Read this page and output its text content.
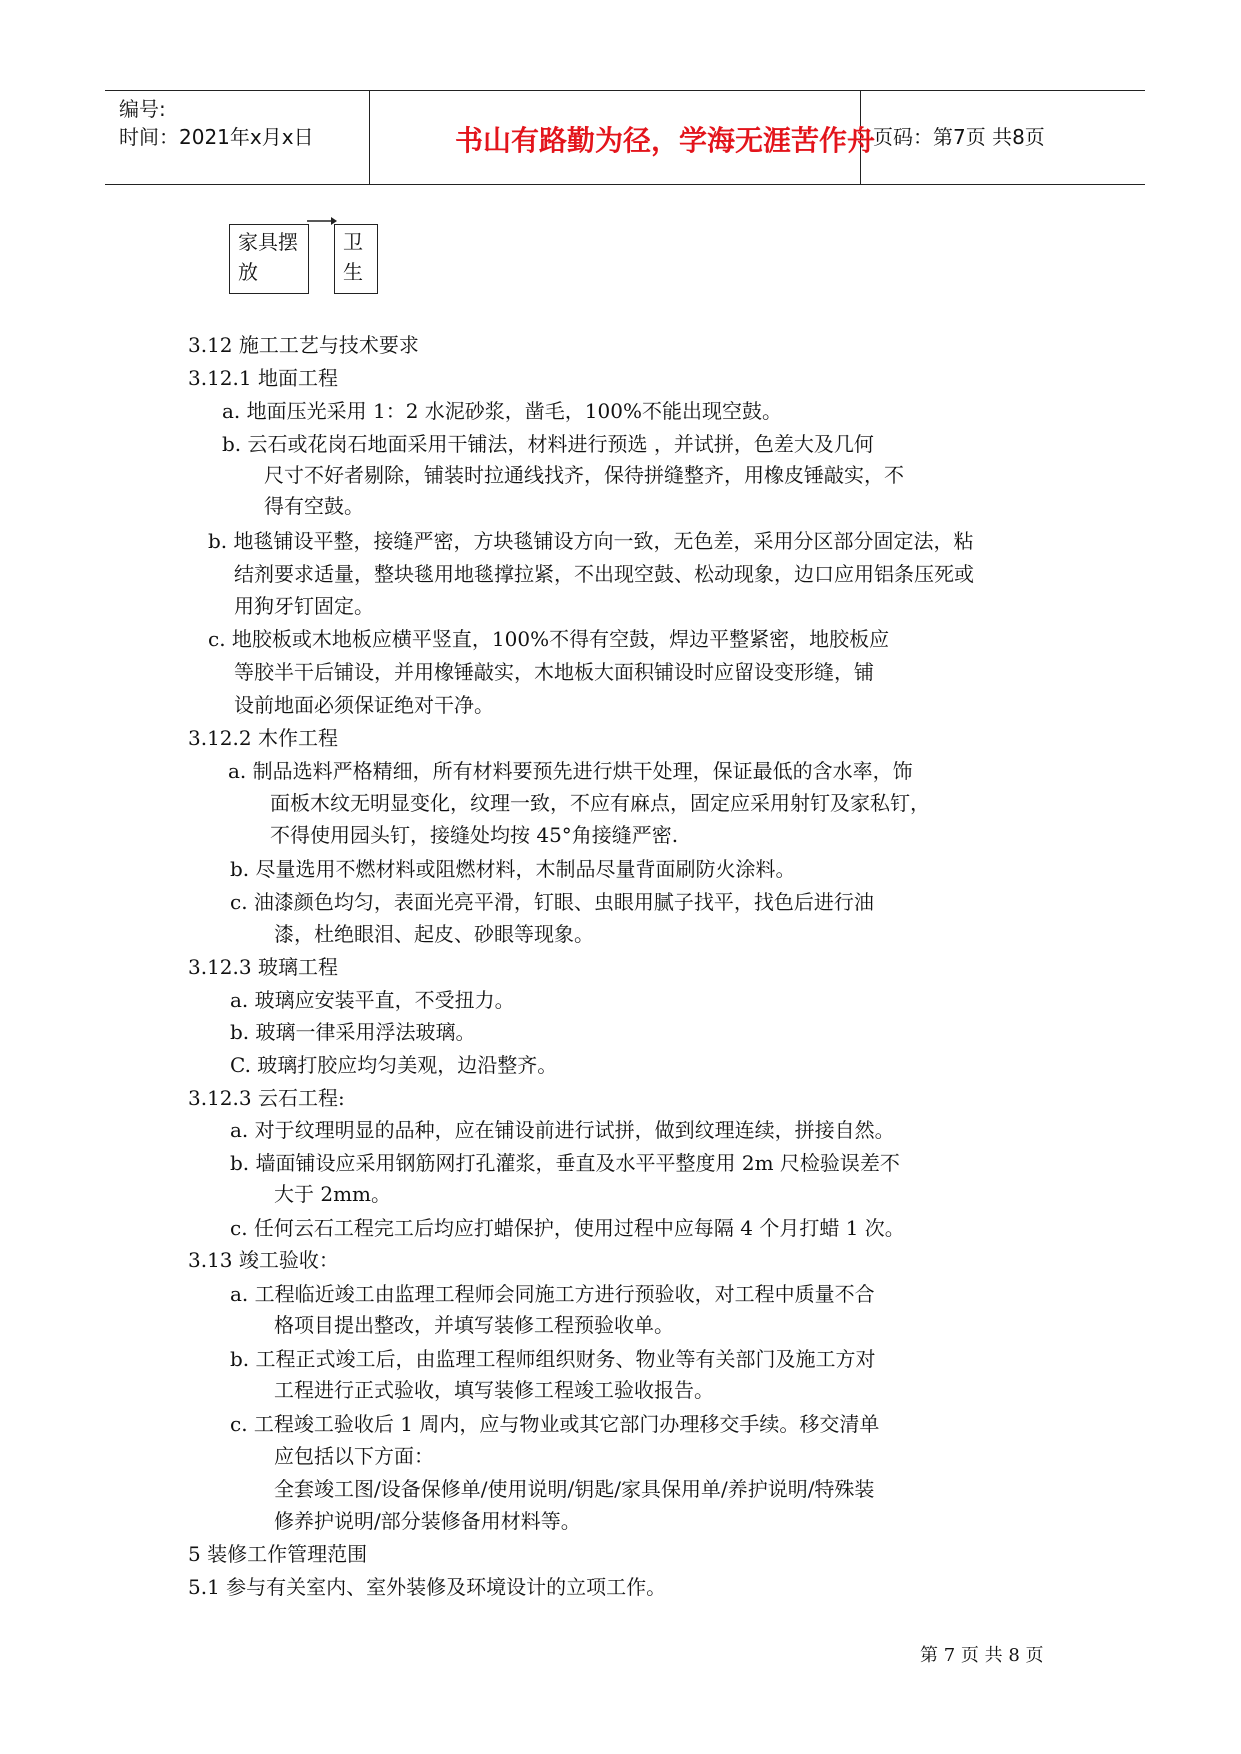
编号:
时间：2021年x月x日	书山有路勤为径，学海无涯苦作舟
页码：第7页 共8页
家具摆放
卫生
3.12 施工工艺与技术要求
3.12.1 地面工程
a. 地面压光采用 1：2 水泥砂浆，凿毛，100%不能出现空鼓。
b. 云石或花岗石地面采用干铺法，材料进行预选 ，并试拼，色差大及几何
尺寸不好者剔除，铺装时拉通线找齐，保待拼缝整齐，用橡皮锤敲实，不
得有空鼓。
b. 地毯铺设平整，接缝严密，方块毯铺设方向一致，无色差，采用分区部分固定法，粘
结剂要求适量，整块毯用地毯撑拉紧，不出现空鼓、松动现象，边口应用铝条压死或
用狗牙钉固定。
c. 地胶板或木地板应横平竖直，100%不得有空鼓，焊边平整紧密，地胶板应
等胶半干后铺设，并用橡锤敲实，木地板大面积铺设时应留设变形缝，铺
设前地面必须保证绝对干净。
3.12.2 木作工程
a. 制品选料严格精细，所有材料要预先进行烘干处理，保证最低的含水率，饰
面板木纹无明显变化，纹理一致，不应有麻点，固定应采用射钉及家私钉，
不得使用园头钉，接缝处均按 45°角接缝严密.
b. 尽量选用不燃材料或阻燃材料，木制品尽量背面刷防火涂料。
c. 油漆颜色均匀，表面光亮平滑，钉眼、虫眼用腻子找平，找色后进行油
漆，杜绝眼泪、起皮、砂眼等现象。
3.12.3 玻璃工程
a. 玻璃应安装平直，不受扭力。
b. 玻璃一律采用浮法玻璃。
C. 玻璃打胶应均匀美观，边沿整齐。
3.12.3 云石工程:
a. 对于纹理明显的品种，应在铺设前进行试拼，做到纹理连续，拼接自然。
b. 墙面铺设应采用钢筋网打孔灌浆，垂直及水平平整度用 2m 尺检验误差不
大于 2mm。
c. 任何云石工程完工后均应打蜡保护，使用过程中应每隔 4 个月打蜡 1 次。
3.13 竣工验收：
a. 工程临近竣工由监理工程师会同施工方进行预验收，对工程中质量不合
格项目提出整改，并填写装修工程预验收单。
b. 工程正式竣工后，由监理工程师组织财务、物业等有关部门及施工方对
工程进行正式验收，填写装修工程竣工验收报告。
c. 工程竣工验收后 1 周内，应与物业或其它部门办理移交手续。移交清单
应包括以下方面：
全套竣工图/设备保修单/使用说明/钥匙/家具保用单/养护说明/特殊装
修养护说明/部分装修备用材料等。
5 装修工作管理范围
5.1 参与有关室内、室外装修及环境设计的立项工作。
第 7 页 共 8 页
